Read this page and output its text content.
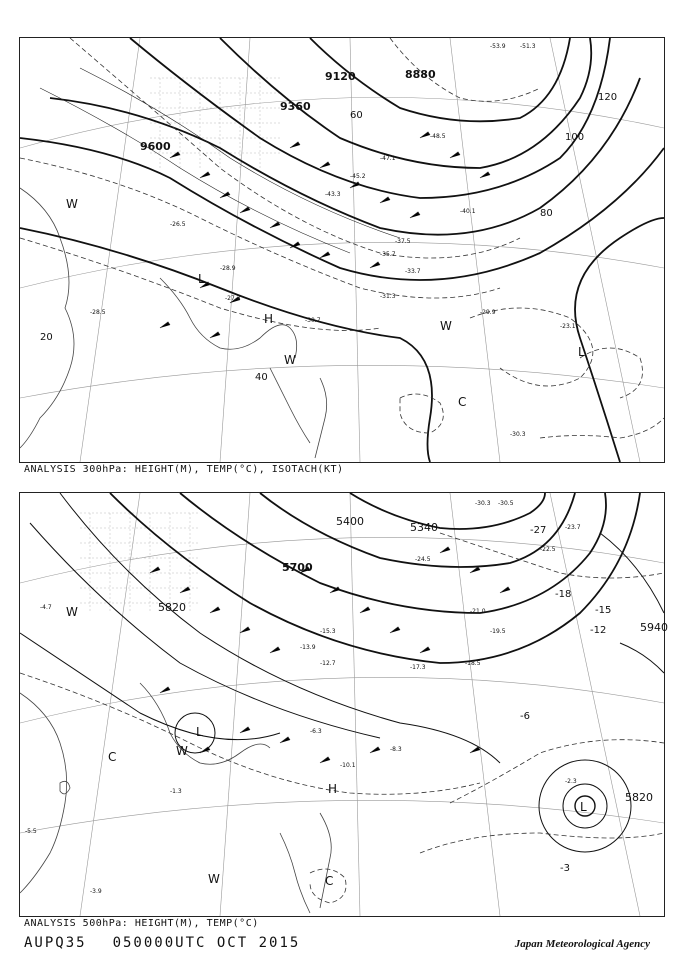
-53.9 -51.3
-48.5
-47.1
-45.2
-43.3
-40.1
-37.5
-35.7
-33.7
-31.3
-30.7
-29.9
-28.9
-28.5
-27.3
-26.5
-23.1
-30.3
9120	8880
9360
9600
20
40
60
80
100
120
L
H
L
W
C
W
W
ANALYSIS 300hPa: HEIGHT(M), TEMP(°C), ISOTACH(KT)
-30.3 -30.5
-24.5
-23.7
-22.5
-21.0
-19.5
-18.5
-17.3
-15.3
-13.9
-12.7
-10.1
-8.3
-6.3
-5.5
-4.7
-3.9
-2.3
-1.3
5400	5340
5700
5820
5940
5820
-27
-18
-15
-12
-6
-3
L
H
L
W
C	W
C
W
ANALYSIS 500hPa: HEIGHT(M), TEMP(°C)
AUPQ35 050000UTC OCT 2015	Japan Meteorological Agency
